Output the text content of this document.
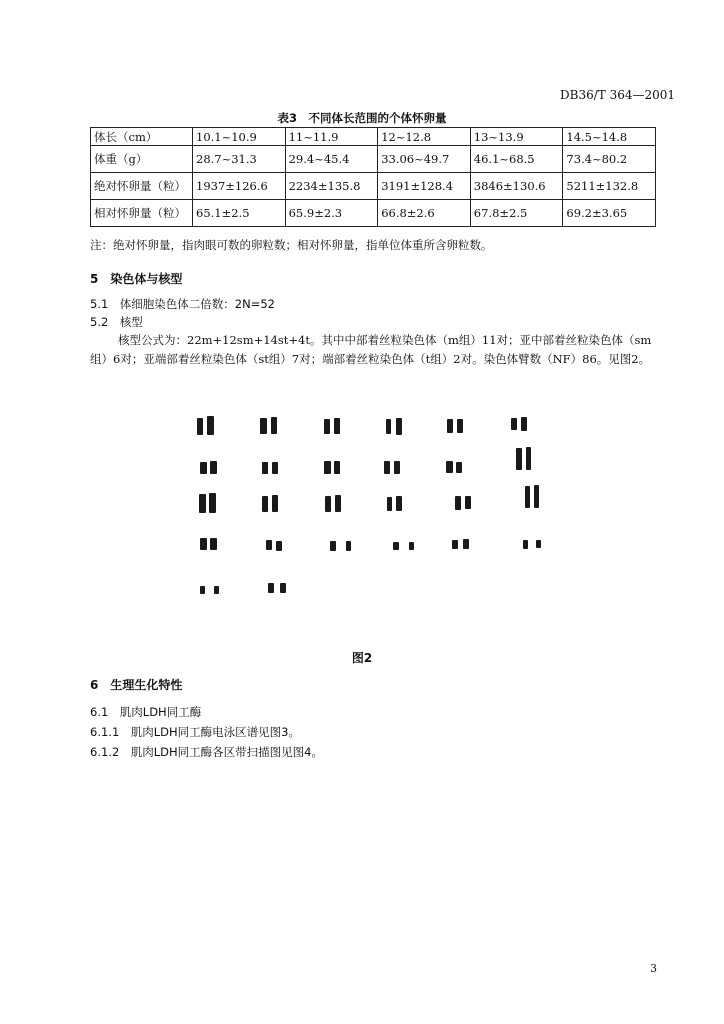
DB36/T 364—2001
表3　不同体长范围的个体怀卵量
体长（cm）	10.1~10.9	11~11.9	12~12.8	13~13.9	14.5~14.8
体重（g）	28.7~31.3	29.4~45.4	33.06~49.7	46.1~68.5	73.4~80.2
绝对怀卵量（粒）	1937±126.6	2234±135.8	3191±128.4	3846±130.6	5211±132.8
相对怀卵量（粒）	65.1±2.5	65.9±2.3	66.8±2.6	67.8±2.5	69.2±3.65
注：绝对怀卵量，指肉眼可数的卵粒数；相对怀卵量，指单位体重所含卵粒数。
5　染色体与核型
5.1　体细胞染色体二倍数：2N=52
5.2　核型

核型公式为：22m+12sm+14st+4t。其中中部着丝粒染色体（m组）11对；亚中部着丝粒染色体（sm组）6对；亚端部着丝粒染色体（st组）7对；端部着丝粒染色体（t组）2对。染色体臂数（NF）86。见图2。

图2
6　生理生化特性
6.1　肌肉LDH同工酶
6.1.1　肌肉LDH同工酶电泳区谱见图3。
6.1.2　肌肉LDH同工酶各区带扫描图见图4。
3
